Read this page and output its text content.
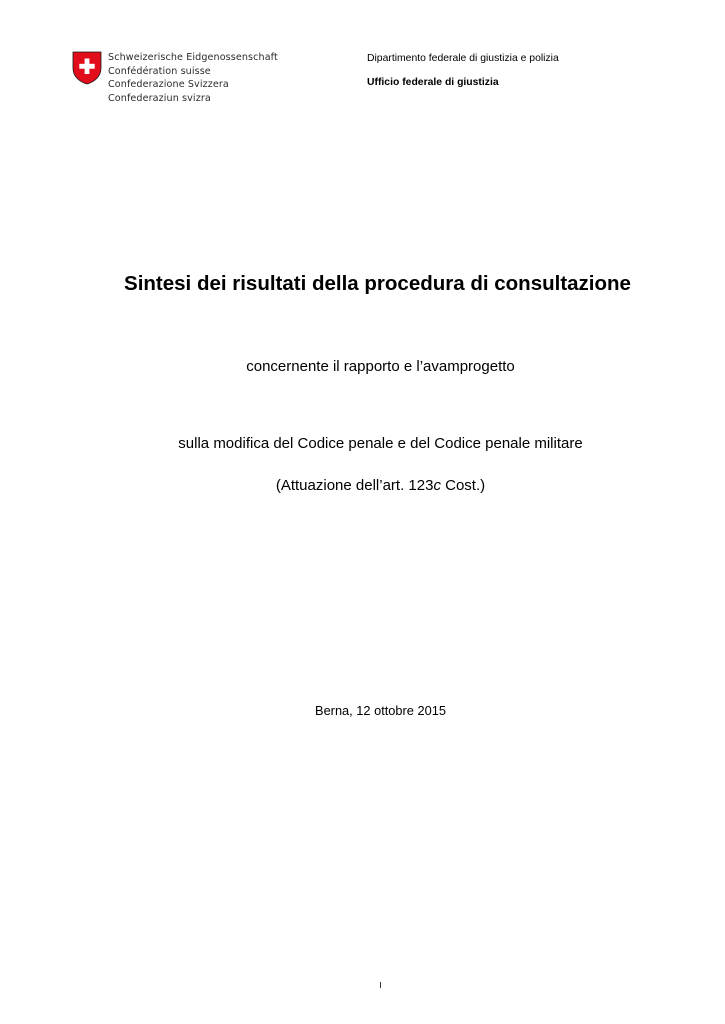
Schweizerische Eidgenossenschaft
Confédération suisse
Confederazione Svizzera
Confederaziun svizra
Dipartimento federale di giustizia e polizia
Ufficio federale di giustizia
Sintesi dei risultati della procedura di consultazione
concernente il rapporto e l’avamprogetto
sulla modifica del Codice penale e del Codice penale militare
(Attuazione dell’art. 123c Cost.)
Berna, 12 ottobre 2015
I
